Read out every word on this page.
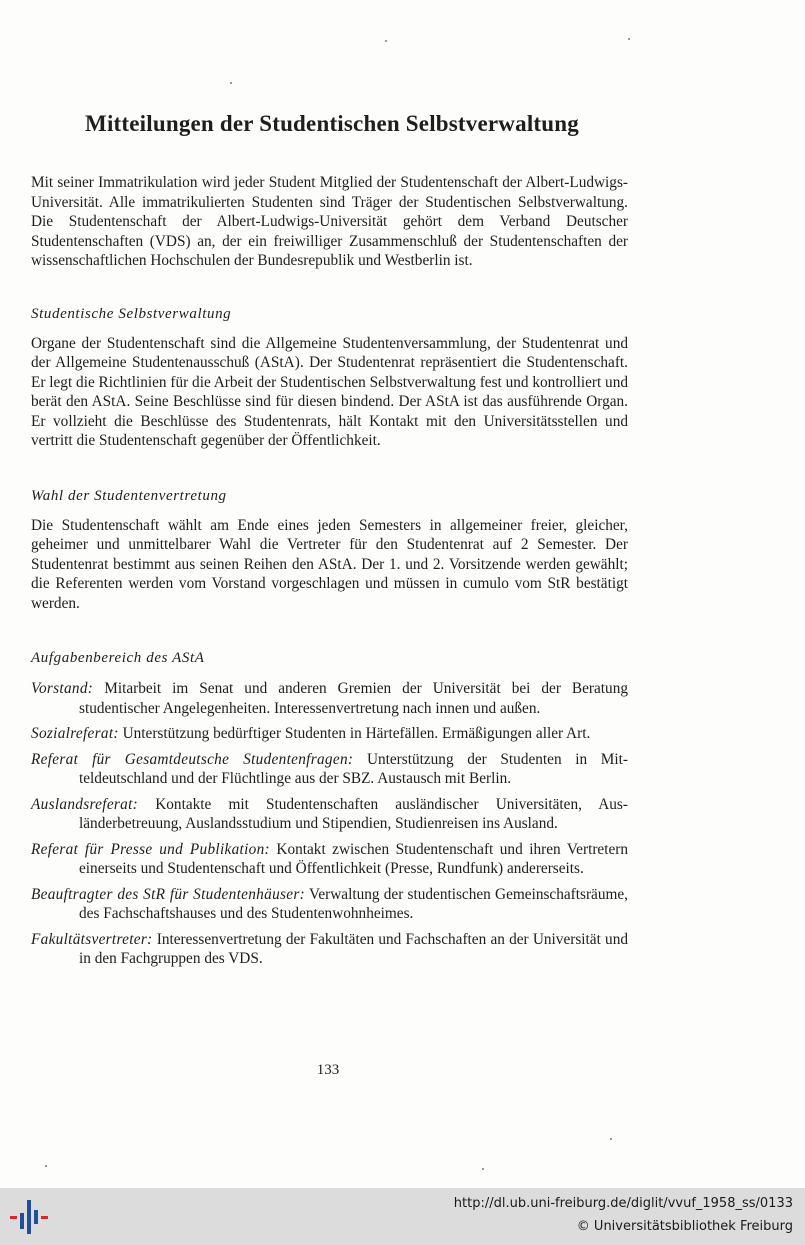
Mitteilungen der Studentischen Selbstverwaltung

Mit seiner Immatrikulation wird jeder Student Mitglied der Studentenschaft der Albert-Ludwigs-Universität. Alle immatrikulierten Studenten sind Träger der Studentischen Selbstverwaltung. Die Studentenschaft der Albert-Ludwigs-Universität gehört dem Verband Deutscher Studentenschaften (VDS) an, der ein freiwilliger Zusammenschluß der Studentenschaften der wissenschaftlichen Hochschulen der Bundesrepublik und Westberlin ist.

Studentische Selbstverwaltung

Organe der Studentenschaft sind die Allgemeine Studentenversammlung, der Studentenrat und der Allgemeine Studentenausschuß (AStA). Der Studentenrat repräsentiert die Studentenschaft. Er legt die Richtlinien für die Arbeit der Studentischen Selbstverwaltung fest und kontrolliert und berät den AStA. Seine Beschlüsse sind für diesen bindend. Der AStA ist das ausführende Organ. Er vollzieht die Beschlüsse des Studentenrats, hält Kontakt mit den Universitätsstellen und vertritt die Studentenschaft gegenüber der Öffentlichkeit.

Wahl der Studentenvertretung

Die Studentenschaft wählt am Ende eines jeden Semesters in allgemeiner freier, gleicher, geheimer und unmittelbarer Wahl die Vertreter für den Studentenrat auf 2 Semester. Der Studentenrat bestimmt aus seinen Reihen den AStA. Der 1. und 2. Vorsitzende werden gewählt; die Referenten werden vom Vorstand vorgeschlagen und müssen in cumulo vom StR bestätigt werden.

Aufgabenbereich des AStA

Vorstand: Mitarbeit im Senat und anderen Gremien der Universität bei der Beratung studentischer Angelegenheiten. Interessenvertretung nach innen und außen.

Sozialreferat: Unterstützung bedürftiger Studenten in Härtefällen. Ermäßigungen aller Art.

Referat für Gesamtdeutsche Studentenfragen: Unterstützung der Studenten in Mitteldeutschland und der Flüchtlinge aus der SBZ. Austausch mit Berlin.

Auslandsreferat: Kontakte mit Studentenschaften ausländischer Universitäten, Ausländerbetreuung, Auslandsstudium und Stipendien, Studienreisen ins Ausland.

Referat für Presse und Publikation: Kontakt zwischen Studentenschaft und ihren Vertretern einerseits und Studentenschaft und Öffentlichkeit (Presse, Rundfunk) andererseits.

Beauftragter des StR für Studentenhäuser: Verwaltung der studentischen Gemeinschaftsräume, des Fachschaftshauses und des Studentenwohnheimes.

Fakultätsvertreter: Interessenvertretung der Fakultäten und Fachschaften an der Universität und in den Fachgruppen des VDS.

133
http://dl.ub.uni-freiburg.de/diglit/vvuf_1958_ss/0133
© Universitätsbibliothek Freiburg
